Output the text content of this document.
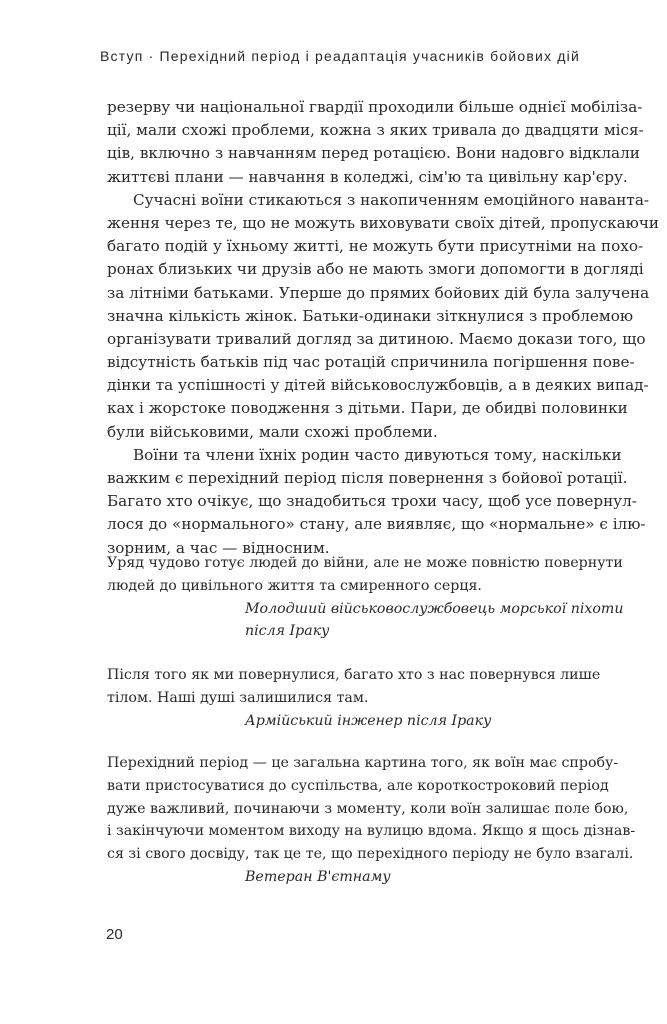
Вступ · Перехідний період і реадаптація учасників бойових дій
резерву чи національної гвардії проходили більше однієї мобіліза-
ції, мали схожі проблеми, кожна з яких тривала до двадцяти міся-
ців, включно з навчанням перед ротацією. Вони надовго відклали
життєві плани — навчання в коледжі, сім'ю та цивільну кар'єру.
Сучасні воїни стикаються з накопиченням емоційного наванта-
ження через те, що не можуть виховувати своїх дітей, пропускаючи
багато подій у їхньому житті, не можуть бути присутніми на похо-
ронах близьких чи друзів або не мають змоги допомогти в догляді
за літніми батьками. Уперше до прямих бойових дій була залучена
значна кількість жінок. Батьки-одинаки зіткнулися з проблемою
організувати тривалий догляд за дитиною. Маємо докази того, що
відсутність батьків під час ротацій спричинила погіршення пове-
дінки та успішності у дітей військовослужбовців, а в деяких випад-
ках і жорстоке поводження з дітьми. Пари, де обидві половинки
були військовими, мали схожі проблеми.
Воїни та члени їхніх родин часто дивуються тому, наскільки
важким є перехідний період після повернення з бойової ротації.
Багато хто очікує, що знадобиться трохи часу, щоб усе повернул-
лося до «нормального» стану, але виявляє, що «нормальне» є ілю-
зорним, а час — відносним.
Уряд чудово готує людей до війни, але не може повністю повернути
людей до цивільного життя та смиренного серця.
Молодший військовослужбовець морської піхоти
після Іраку
Після того як ми повернулися, багато хто з нас повернувся лише
тілом. Наші душі залишилися там.
Армійський інженер після Іраку
Перехідний період — це загальна картина того, як воїн має спробу-
вати пристосуватися до суспільства, але короткостроковий період
дуже важливий, починаючи з моменту, коли воїн залишає поле бою,
і закінчуючи моментом виходу на вулицю вдома. Якщо я щось дізнав-
ся зі свого досвіду, так це те, що перехідного періоду не було взагалі.
Ветеран В'єтнаму
20
